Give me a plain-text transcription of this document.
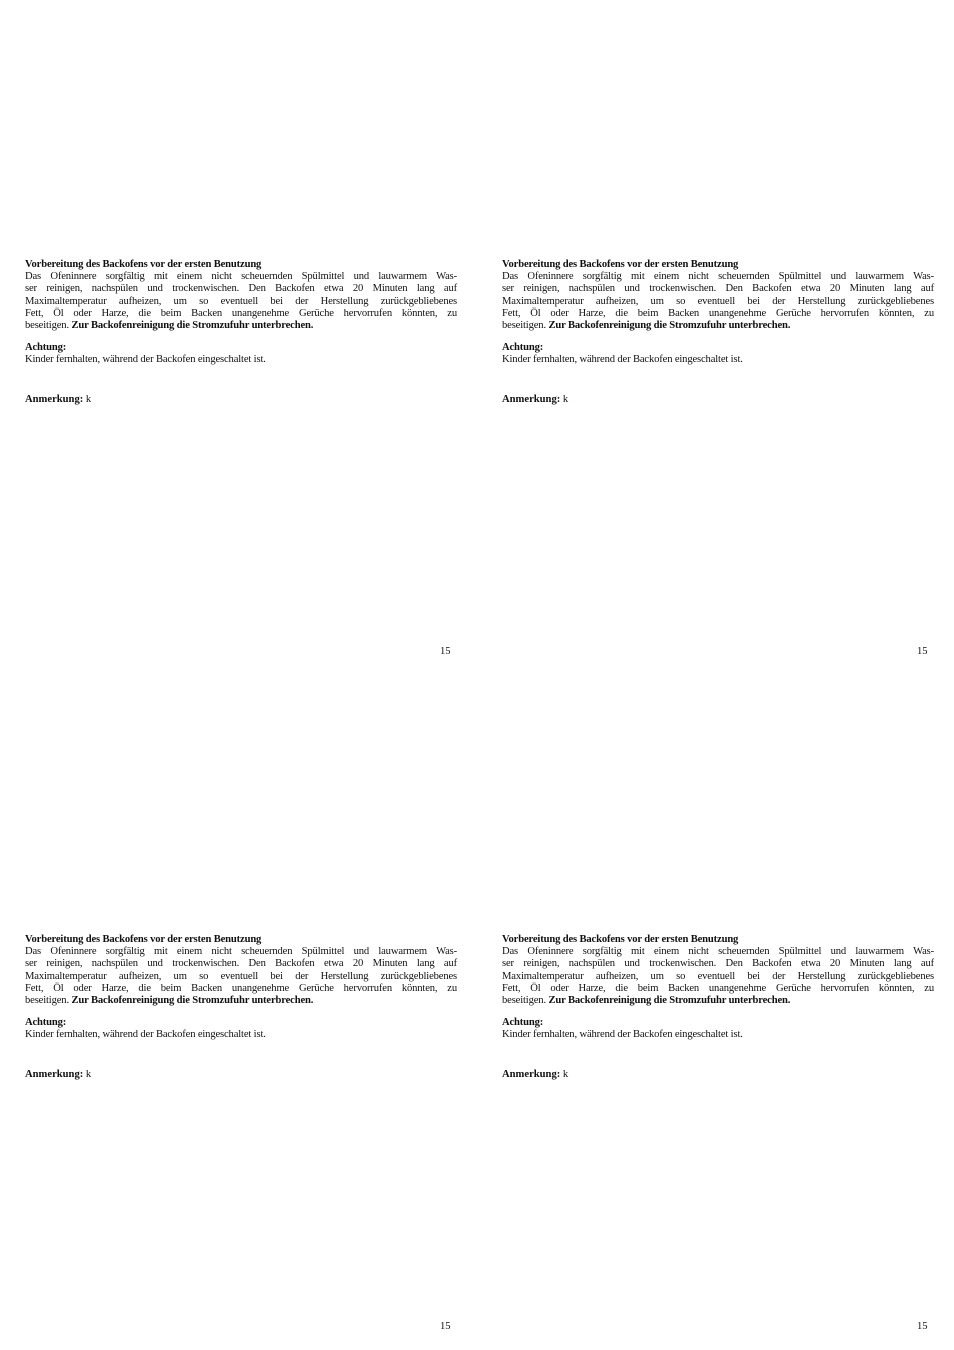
Vorbereitung des Backofens vor der ersten Benutzung

Das Ofeninnere sorgfältig mit einem nicht scheuernden Spülmittel und lauwarmem Was-
ser reinigen, nachspülen und trockenwischen. Den Backofen etwa 20 Minuten lang auf
Maximaltemperatur aufheizen, um so eventuell bei der Herstellung zurückgebliebenes
Fett, Öl oder Harze, die beim Backen unangenehme Gerüche hervorrufen könnten, zu
beseitigen. Zur Backofenreinigung die Stromzufuhr unterbrechen.

Achtung:

Kinder fernhalten, während der Backofen eingeschaltet ist.

Anmerkung: k
15

Vorbereitung des Backofens vor der ersten Benutzung

Das Ofeninnere sorgfältig mit einem nicht scheuernden Spülmittel und lauwarmem Was-
ser reinigen, nachspülen und trockenwischen. Den Backofen etwa 20 Minuten lang auf
Maximaltemperatur aufheizen, um so eventuell bei der Herstellung zurückgebliebenes
Fett, Öl oder Harze, die beim Backen unangenehme Gerüche hervorrufen könnten, zu
beseitigen. Zur Backofenreinigung die Stromzufuhr unterbrechen.

Achtung:

Kinder fernhalten, während der Backofen eingeschaltet ist.

Anmerkung: k
15

Vorbereitung des Backofens vor der ersten Benutzung

Das Ofeninnere sorgfältig mit einem nicht scheuernden Spülmittel und lauwarmem Was-
ser reinigen, nachspülen und trockenwischen. Den Backofen etwa 20 Minuten lang auf
Maximaltemperatur aufheizen, um so eventuell bei der Herstellung zurückgebliebenes
Fett, Öl oder Harze, die beim Backen unangenehme Gerüche hervorrufen könnten, zu
beseitigen. Zur Backofenreinigung die Stromzufuhr unterbrechen.

Achtung:

Kinder fernhalten, während der Backofen eingeschaltet ist.

Anmerkung: k
15

Vorbereitung des Backofens vor der ersten Benutzung

Das Ofeninnere sorgfältig mit einem nicht scheuernden Spülmittel und lauwarmem Was-
ser reinigen, nachspülen und trockenwischen. Den Backofen etwa 20 Minuten lang auf
Maximaltemperatur aufheizen, um so eventuell bei der Herstellung zurückgebliebenes
Fett, Öl oder Harze, die beim Backen unangenehme Gerüche hervorrufen könnten, zu
beseitigen. Zur Backofenreinigung die Stromzufuhr unterbrechen.

Achtung:

Kinder fernhalten, während der Backofen eingeschaltet ist.

Anmerkung: k
15
